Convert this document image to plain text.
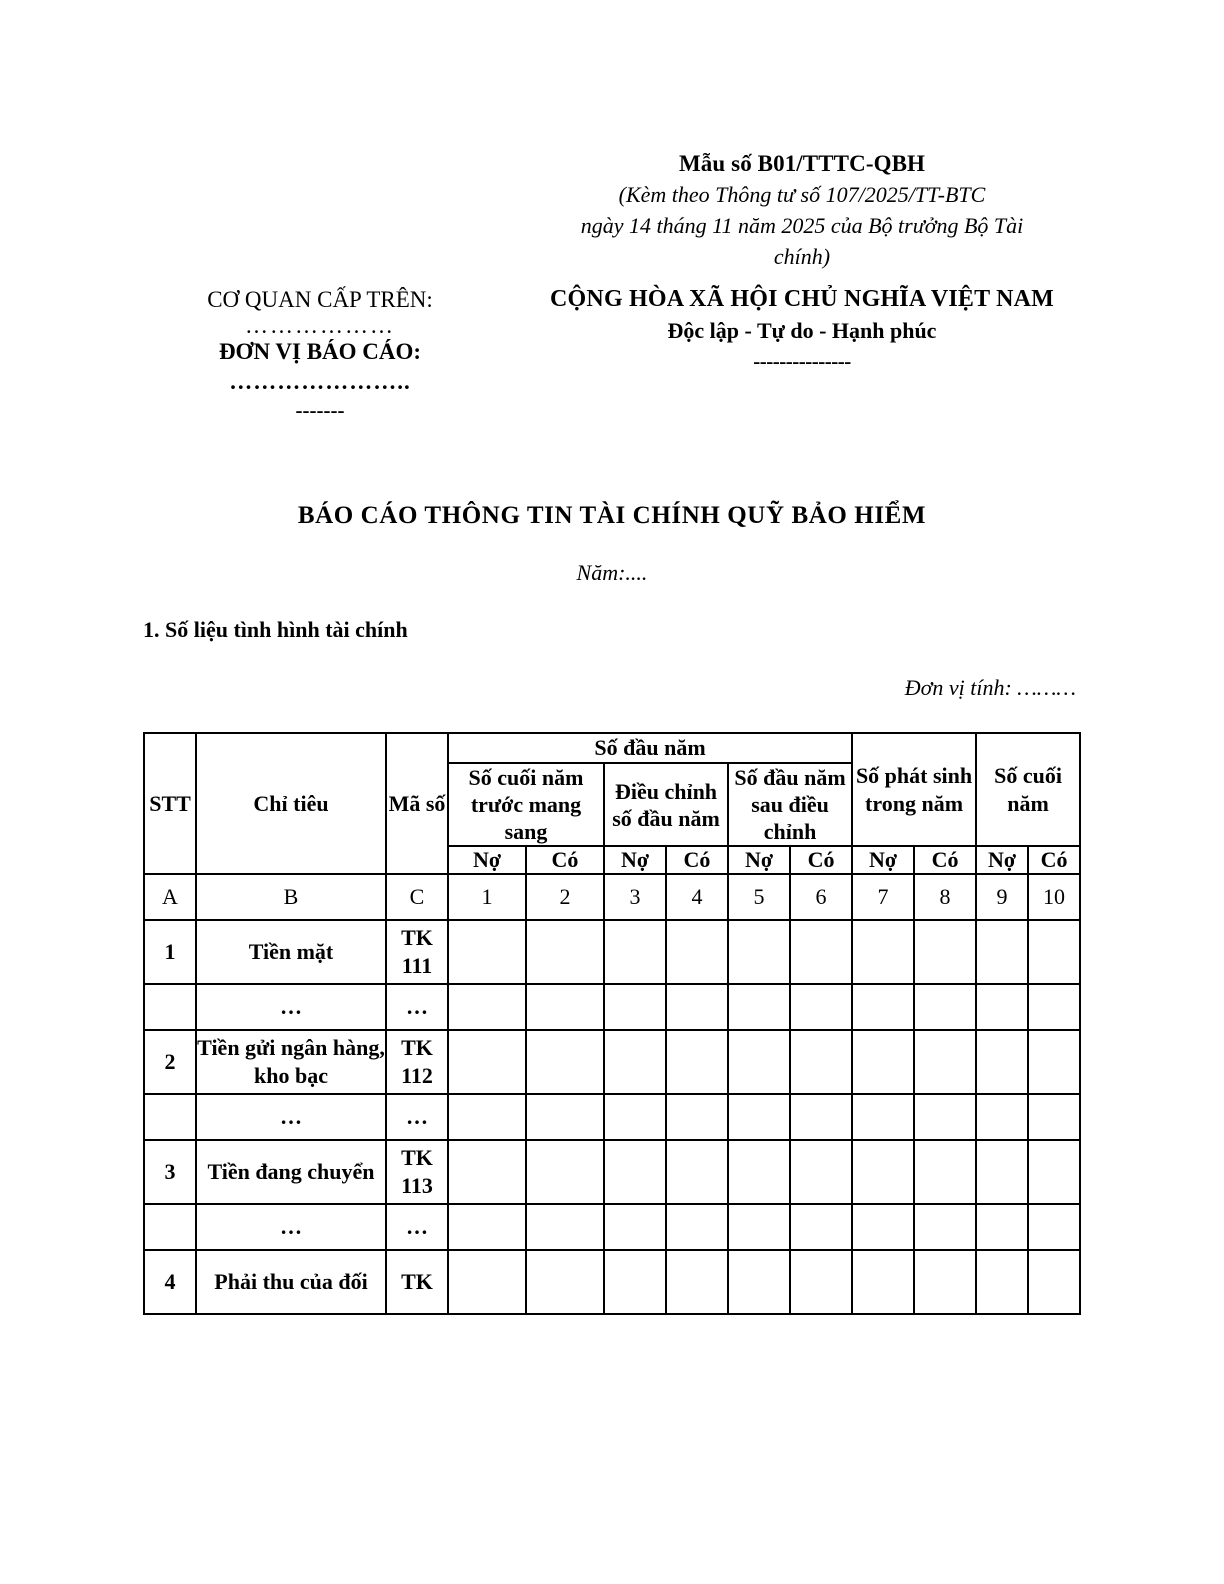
Mẫu số B01/TTTC-QBH
(Kèm theo Thông tư số 107/2025/TT-BTC
ngày 14 tháng 11 năm 2025 của Bộ trưởng Bộ Tài
chính)
CƠ QUAN CẤP TRÊN:
………………
ĐƠN VỊ BÁO CÁO:
…………………..
-------
CỘNG HÒA XÃ HỘI CHỦ NGHĨA VIỆT NAM
Độc lập - Tự do - Hạnh phúc
---------------
BÁO CÁO THÔNG TIN TÀI CHÍNH QUỸ BẢO HIỂM
Năm:....
1. Số liệu tình hình tài chính
Đơn vị tính: ………
STT	Chỉ tiêu	Mã số	Số đầu năm						Số phát sinh trong năm		Số cuối năm	
			Số cuối năm trước mang sang		Điều chỉnh số đầu năm		Số đầu năm sau điều chỉnh					
			Nợ	Có	Nợ	Có	Nợ	Có	Nợ	Có	Nợ	Có
A	B	C	1	2	3	4	5	6	7	8	9	10
1	Tiền mặt	TK 111										
	…	…										
2	Tiền gửi ngân hàng, kho bạc	TK 112										
	…	…										
3	Tiền đang chuyển	TK 113										
	…	…										
4	Phải thu của đối	TK										
